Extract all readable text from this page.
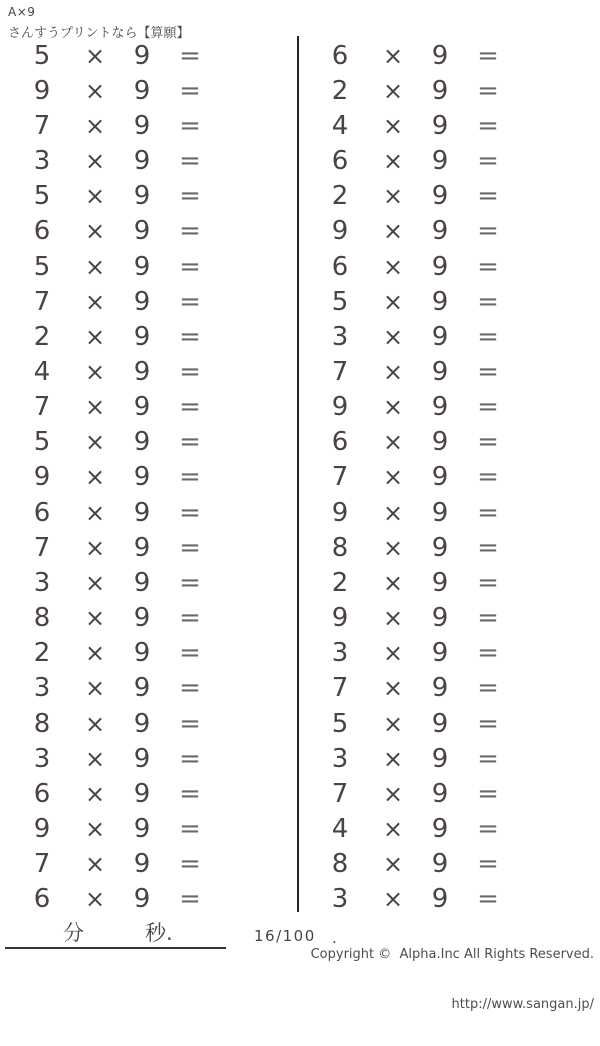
A×9
さんすうプリントなら【算願】
5	×	9	=
9	×	9	=
7	×	9	=
3	×	9	=
5	×	9	=
6	×	9	=
5	×	9	=
7	×	9	=
2	×	9	=
4	×	9	=
7	×	9	=
5	×	9	=
9	×	9	=
6	×	9	=
7	×	9	=
3	×	9	=
8	×	9	=
2	×	9	=
3	×	9	=
8	×	9	=
3	×	9	=
6	×	9	=
9	×	9	=
7	×	9	=
6	×	9	=
6	×	9	=
2	×	9	=
4	×	9	=
6	×	9	=
2	×	9	=
9	×	9	=
6	×	9	=
5	×	9	=
3	×	9	=
7	×	9	=
9	×	9	=
6	×	9	=
7	×	9	=
9	×	9	=
8	×	9	=
2	×	9	=
9	×	9	=
3	×	9	=
7	×	9	=
5	×	9	=
3	×	9	=
7	×	9	=
4	×	9	=
8	×	9	=
3	×	9	=
分	秒.	16/100 .

Copyright ©  Alpha.Inc All Rights Reserved.

http://www.sangan.jp/
